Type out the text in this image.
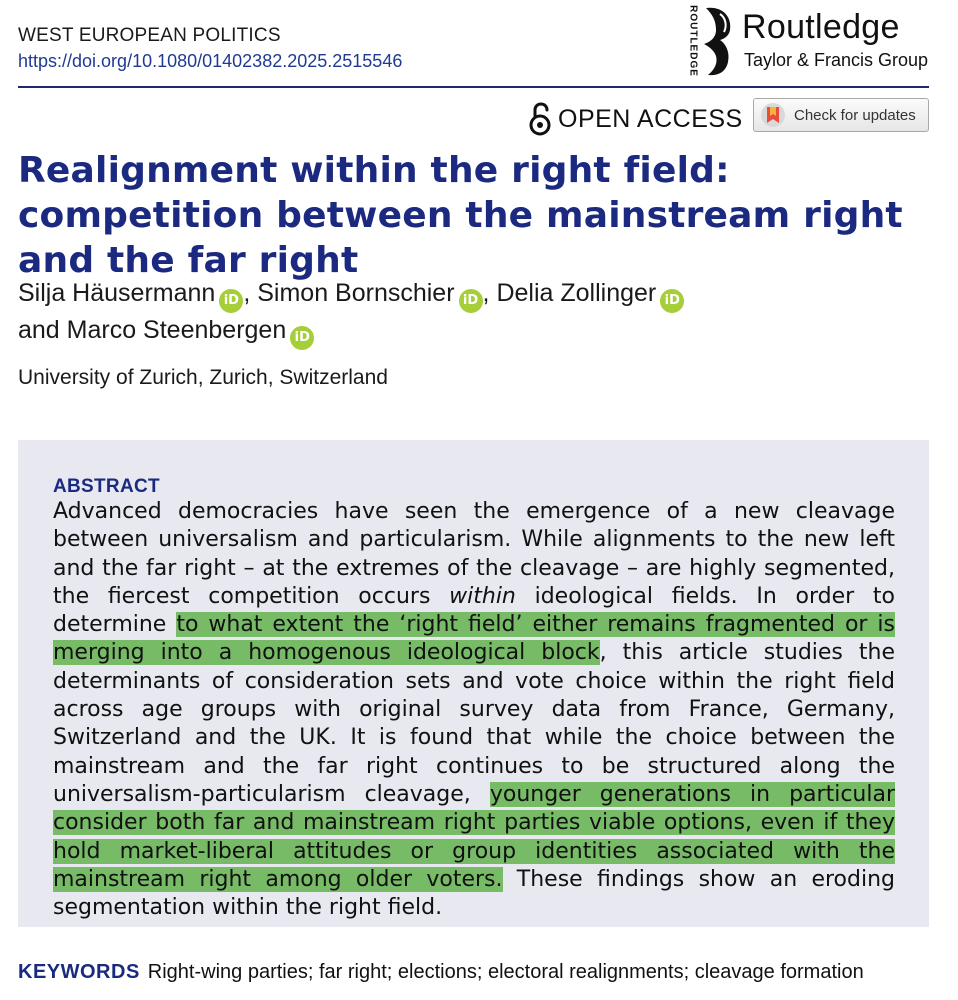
WEST EUROPEAN POLITICS
https://doi.org/10.1080/01402382.2025.2515546	ROUTLEDGE Routledge
Taylor & Francis Group
OPEN ACCESS	Check for updates
Realignment within the right field: competition between the mainstream right and the far right
Silja Häusermann iD , Simon Bornschier iD , Delia Zollinger iD
and Marco Steenbergen iD
University of Zurich, Zurich, Switzerland
ABSTRACT

Advanced democracies have seen the emergence of a new cleavage between universalism and particularism. While alignments to the new left and the far right – at the extremes of the cleavage – are highly segmented, the fiercest competition occurs within ideological fields. In order to determine to what extent the ‘right field’ either remains fragmented or is merging into a homogenous ideological block, this article studies the determinants of consideration sets and vote choice within the right field across age groups with original survey data from France, Germany, Switzerland and the UK. It is found that while the choice between the mainstream and the far right continues to be structured along the universalism-particularism cleavage, younger generations in particular consider both far and mainstream right parties viable options, even if they hold market-liberal attitudes or group identities associated with the mainstream right among older voters. These findings show an eroding segmentation within the right field.

KEYWORDS Right-wing parties; far right; elections; electoral realignments; cleavage formation
